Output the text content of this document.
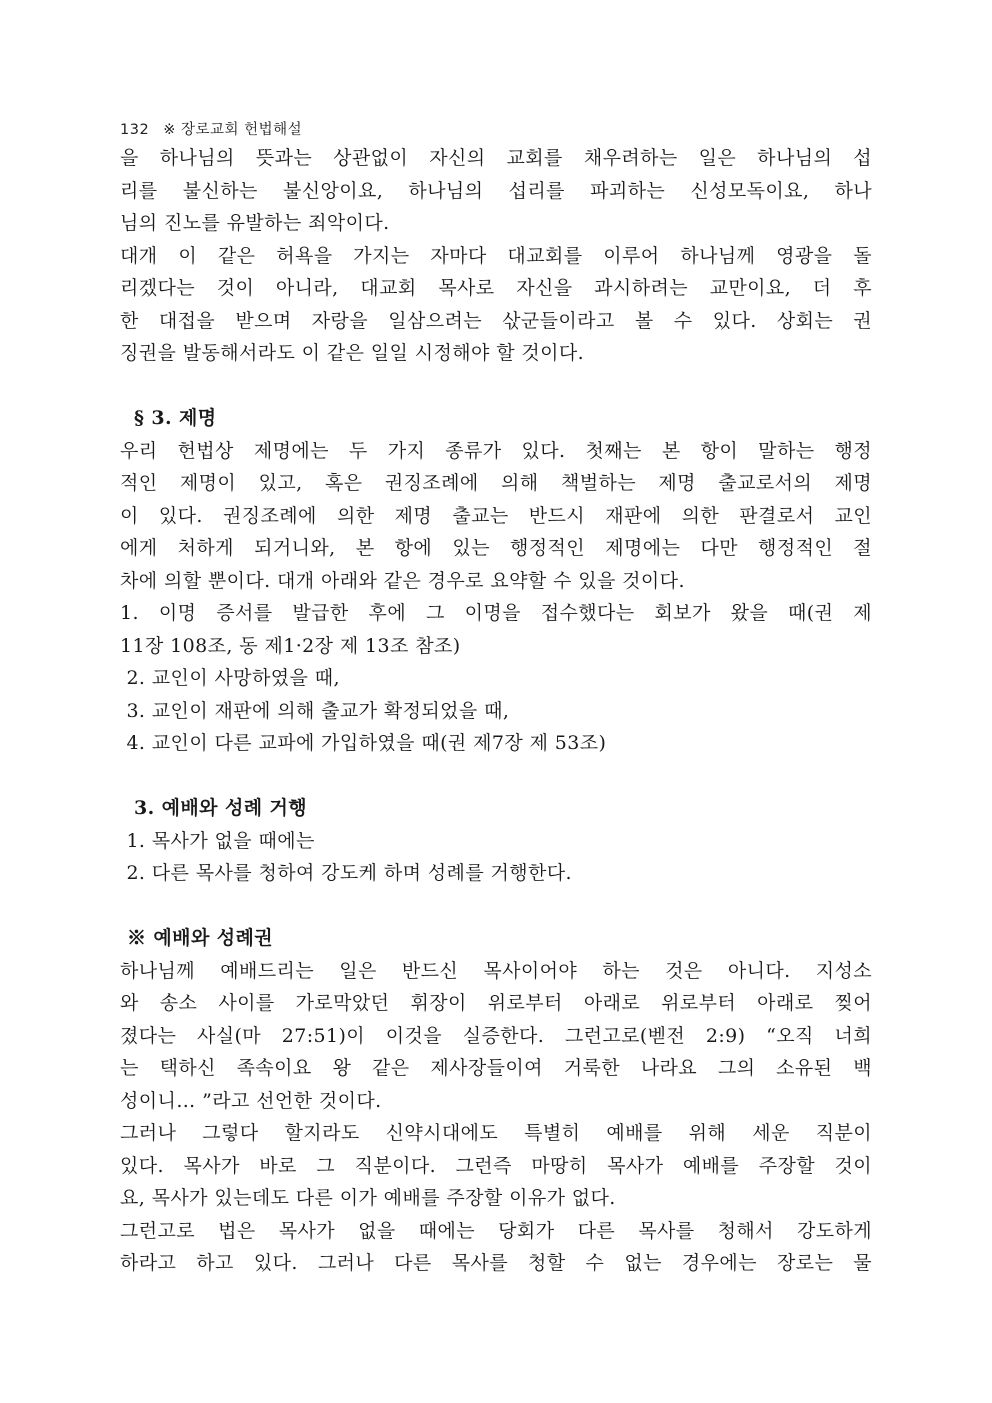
132 ※ 장로교회 헌법해설
을 하나님의 뜻과는 상관없이 자신의 교회를 채우려하는 일은 하나님의 섭
리를 불신하는 불신앙이요, 하나님의 섭리를 파괴하는 신성모독이요, 하나
님의 진노를 유발하는 죄악이다.
대개 이 같은 허욕을 가지는 자마다 대교회를 이루어 하나님께 영광을 돌
리겠다는 것이 아니라, 대교회 목사로 자신을 과시하려는 교만이요, 더 후
한 대접을 받으며 자랑을 일삼으려는 삯군들이라고 볼 수 있다. 상회는 권
징권을 발동해서라도 이 같은 일일 시정해야 할 것이다.
§ 3. 제명
우리 헌법상 제명에는 두 가지 종류가 있다. 첫째는 본 항이 말하는 행정
적인 제명이 있고, 혹은 권징조례에 의해 책벌하는 제명 출교로서의 제명
이 있다. 권징조례에 의한 제명 출교는 반드시 재판에 의한 판결로서 교인
에게 처하게 되거니와, 본 항에 있는 행정적인 제명에는 다만 행정적인 절
차에 의할 뿐이다. 대개 아래와 같은 경우로 요약할 수 있을 것이다.
1. 이명 증서를 발급한 후에 그 이명을 접수했다는 회보가 왔을 때(권 제
11장 108조, 동 제1·2장 제 13조 참조)
2. 교인이 사망하였을 때,
3. 교인이 재판에 의해 출교가 확정되었을 때,
4. 교인이 다른 교파에 가입하였을 때(권 제7장 제 53조)
3. 예배와 성례 거행
1. 목사가 없을 때에는
2. 다른 목사를 청하여 강도케 하며 성례를 거행한다.
※ 예배와 성례권
하나님께 예배드리는 일은 반드신 목사이어야 하는 것은 아니다. 지성소
와 송소 사이를 가로막았던 휘장이 위로부터 아래로 위로부터 아래로 찢어
졌다는 사실(마 27:51)이 이것을 실증한다. 그런고로(벧전 2:9) “오직 너희
는 택하신 족속이요 왕 같은 제사장들이여 거룩한 나라요 그의 소유된 백
성이니… ”라고 선언한 것이다.
그러나 그렇다 할지라도 신약시대에도 특별히 예배를 위해 세운 직분이
있다. 목사가 바로 그 직분이다. 그런즉 마땅히 목사가 예배를 주장할 것이
요, 목사가 있는데도 다른 이가 예배를 주장할 이유가 없다.
그런고로 법은 목사가 없을 때에는 당회가 다른 목사를 청해서 강도하게
하라고 하고 있다. 그러나 다른 목사를 청할 수 없는 경우에는 장로는 물
